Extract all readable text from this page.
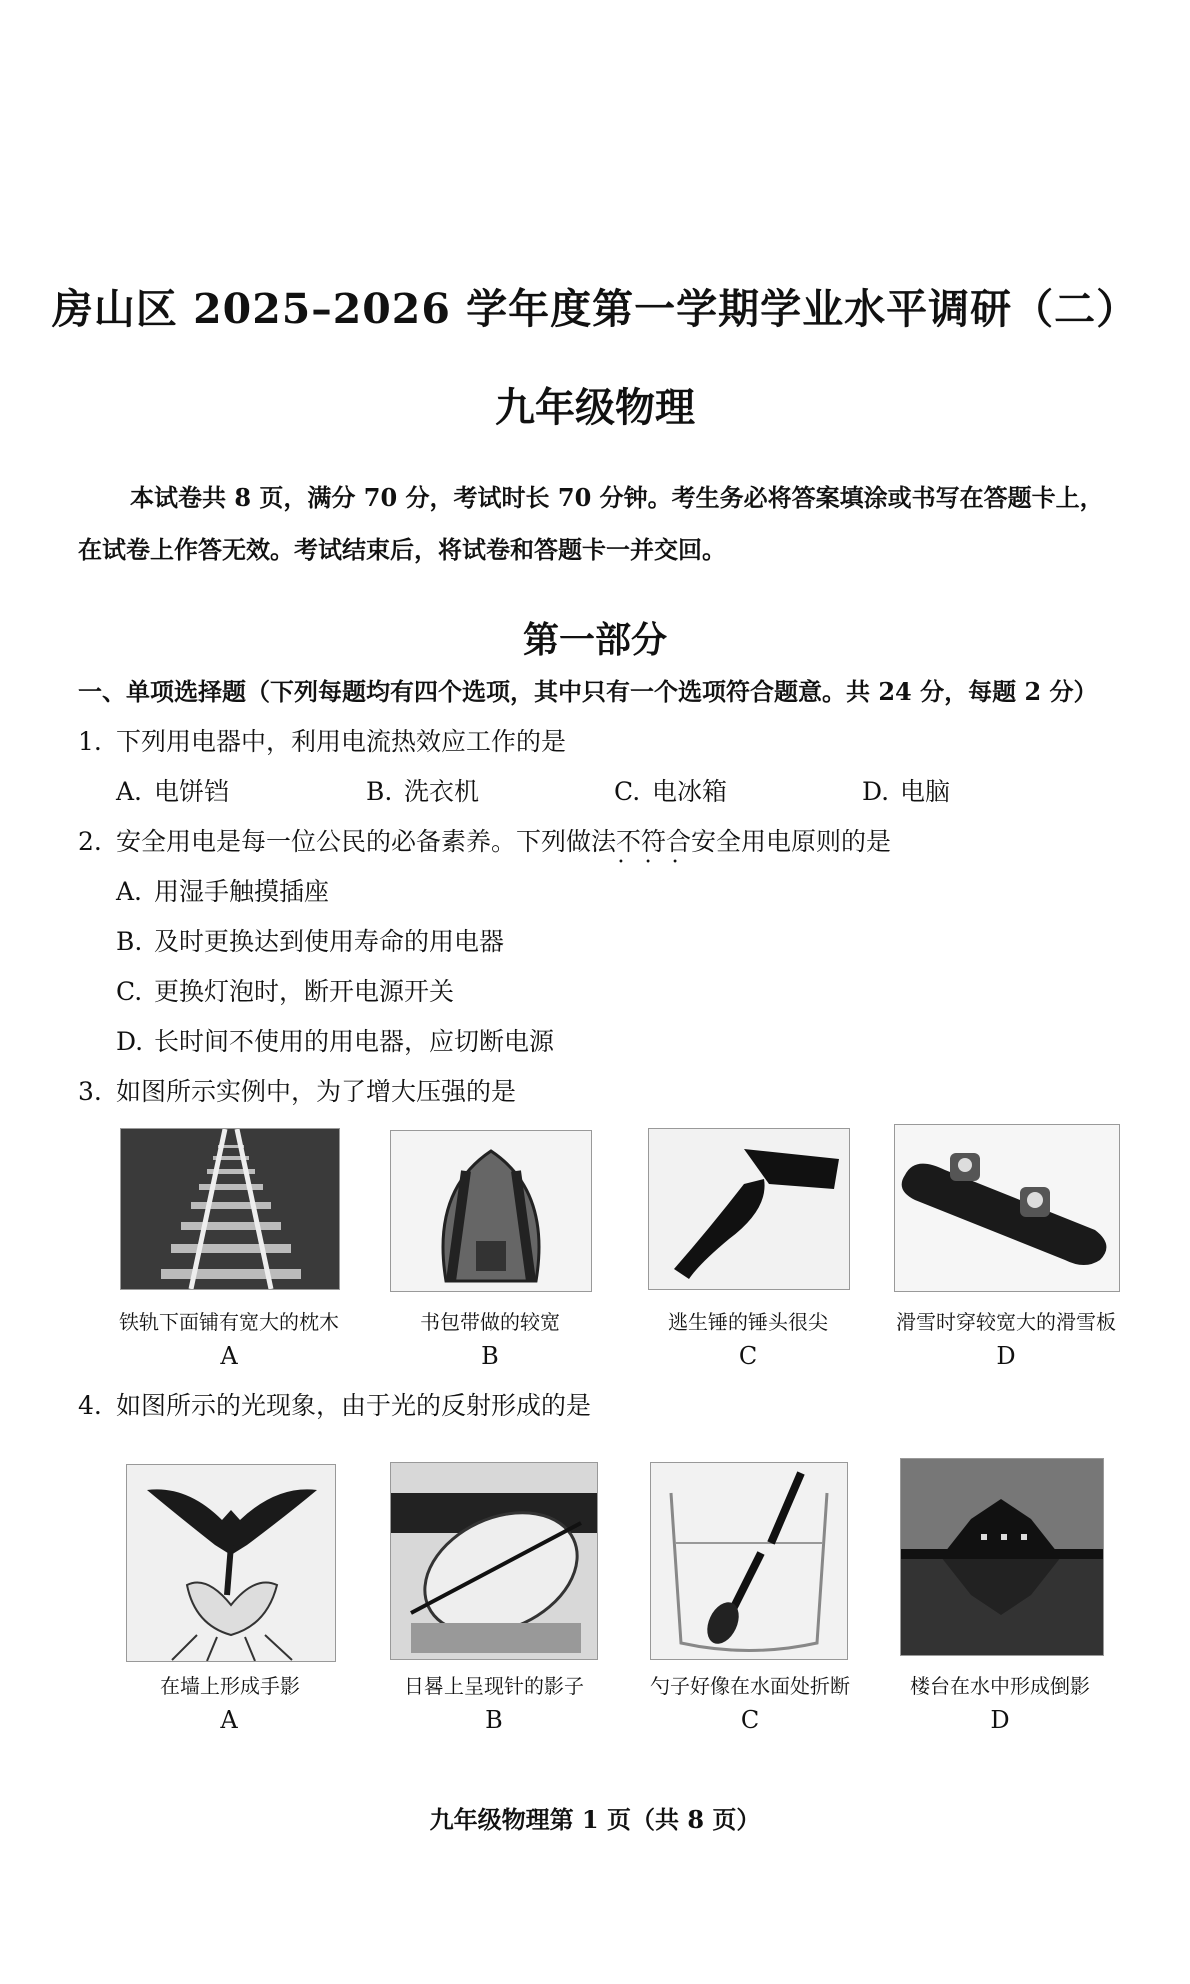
房山区 2025–2026 学年度第一学期学业水平调研（二）
九年级物理
本试卷共 8 页，满分 70 分，考试时长 70 分钟。考生务必将答案填涂或书写在答题卡上，在试卷上作答无效。考试结束后，将试卷和答题卡一并交回。
第一部分
一、单项选择题（下列每题均有四个选项，其中只有一个选项符合题意。共 24 分，每题 2 分）
1. 下列用电器中，利用电流热效应工作的是
A. 电饼铛	B. 洗衣机	C. 电冰箱	D. 电脑
2. 安全用电是每一位公民的必备素养。下列做法不符合 • • •安全用电原则的是
A. 用湿手触摸插座
B. 及时更换达到使用寿命的用电器
C. 更换灯泡时，断开电源开关
D. 长时间不使用的用电器，应切断电源
3. 如图所示实例中，为了增大压强的是
铁轨下面铺有宽大的枕木	书包带做的较宽	逃生锤的锤头很尖	滑雪时穿较宽大的滑雪板
A	B	C	D
4. 如图所示的光现象，由于光的反射形成的是
在墙上形成手影	日晷上呈现针的影子	勺子好像在水面处折断	楼台在水中形成倒影
A	B	C	D
九年级物理第 1 页（共 8 页）
